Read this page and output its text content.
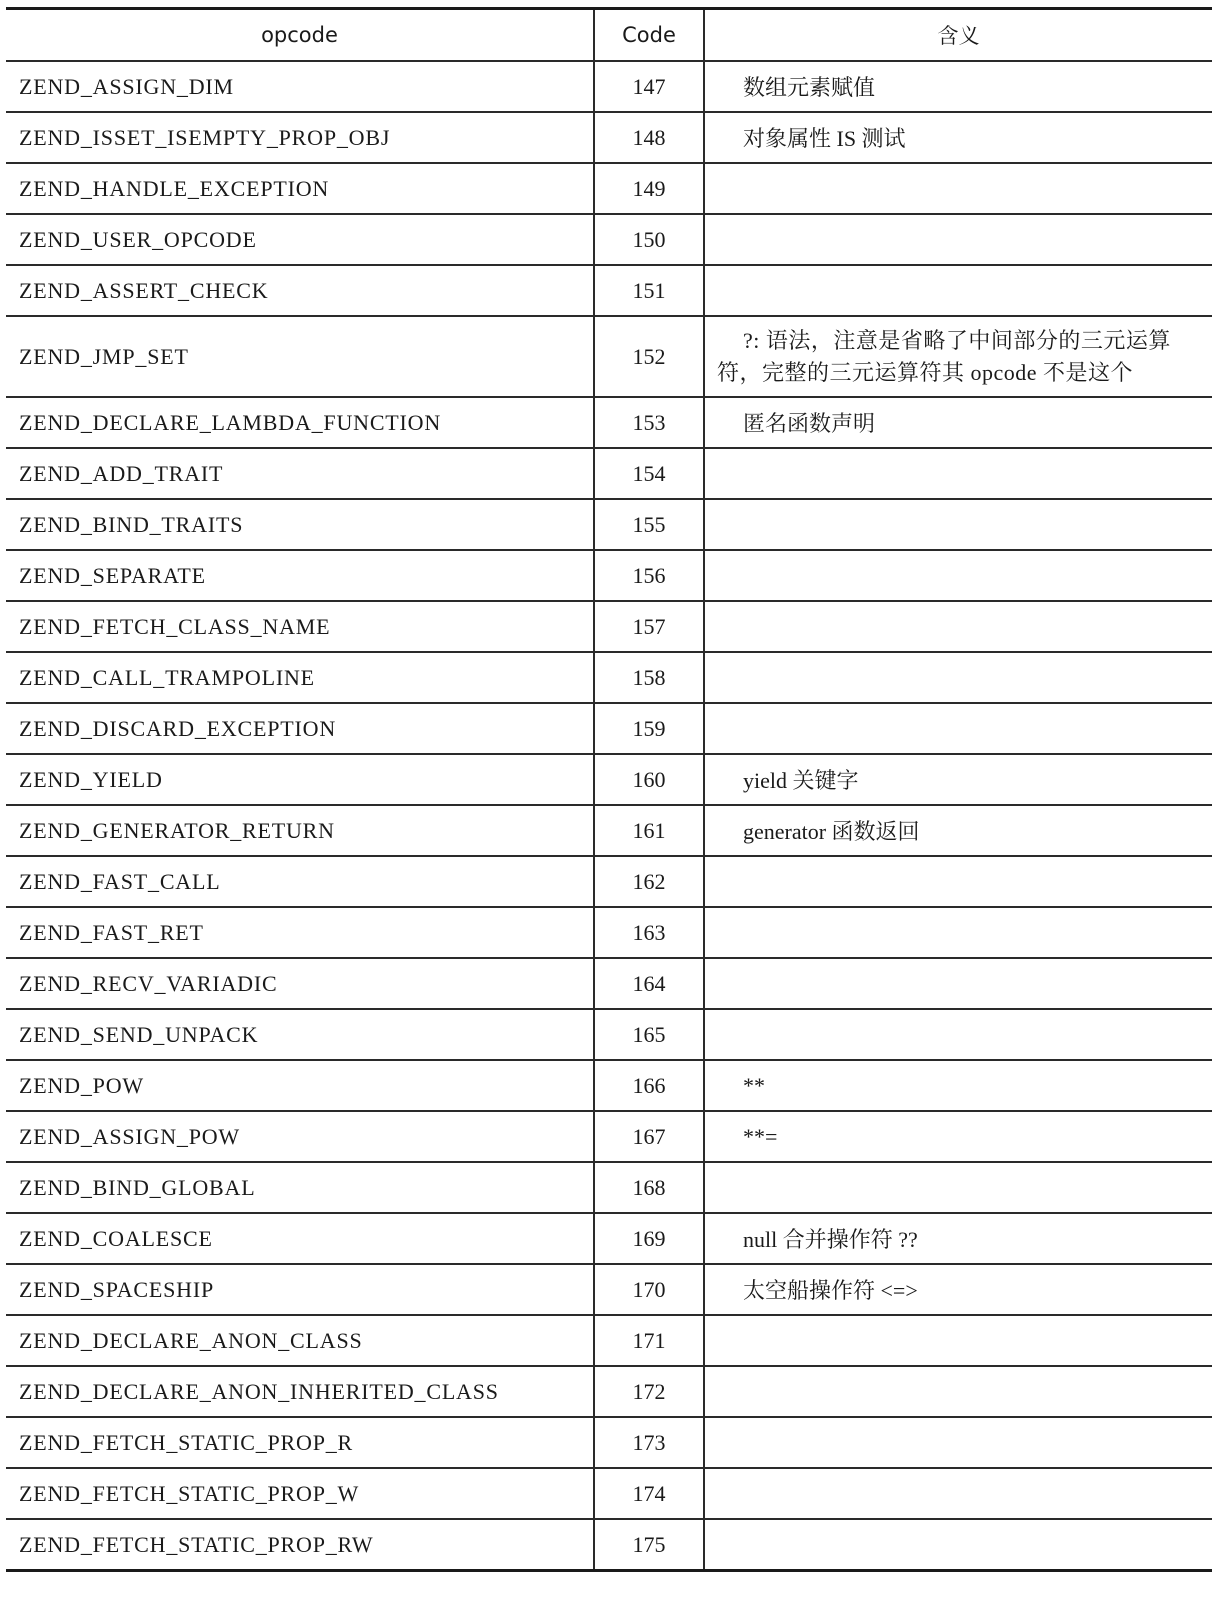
opcode	Code	含义
ZEND_ASSIGN_DIM	147	数组元素赋值
ZEND_ISSET_ISEMPTY_PROP_OBJ	148	对象属性 IS 测试
ZEND_HANDLE_EXCEPTION	149	
ZEND_USER_OPCODE	150	
ZEND_ASSERT_CHECK	151	
ZEND_JMP_SET	152	?: 语法，注意是省略了中间部分的三元运算符，完整的三元运算符其 opcode 不是这个
ZEND_DECLARE_LAMBDA_FUNCTION	153	匿名函数声明
ZEND_ADD_TRAIT	154	
ZEND_BIND_TRAITS	155	
ZEND_SEPARATE	156	
ZEND_FETCH_CLASS_NAME	157	
ZEND_CALL_TRAMPOLINE	158	
ZEND_DISCARD_EXCEPTION	159	
ZEND_YIELD	160	yield 关键字
ZEND_GENERATOR_RETURN	161	generator 函数返回
ZEND_FAST_CALL	162	
ZEND_FAST_RET	163	
ZEND_RECV_VARIADIC	164	
ZEND_SEND_UNPACK	165	
ZEND_POW	166	**
ZEND_ASSIGN_POW	167	**=
ZEND_BIND_GLOBAL	168	
ZEND_COALESCE	169	null 合并操作符 ??
ZEND_SPACESHIP	170	太空船操作符 <=>
ZEND_DECLARE_ANON_CLASS	171	
ZEND_DECLARE_ANON_INHERITED_CLASS	172	
ZEND_FETCH_STATIC_PROP_R	173	
ZEND_FETCH_STATIC_PROP_W	174	
ZEND_FETCH_STATIC_PROP_RW	175	
